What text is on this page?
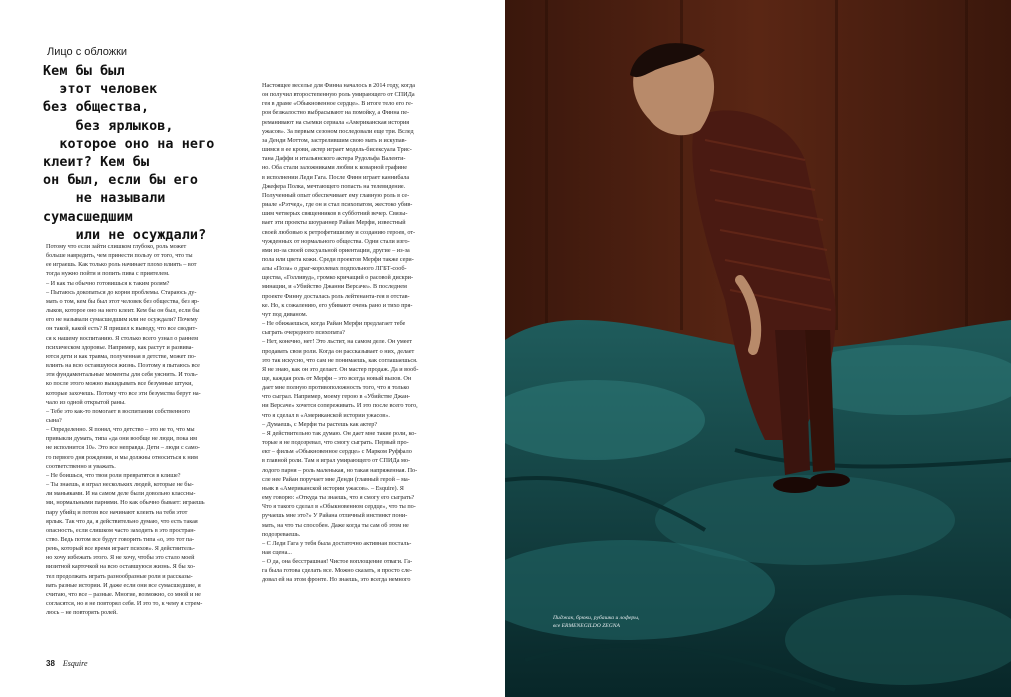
Лицо с обложки
Кем бы был
этот человек
без общества,
без ярлыков,
которое оно на него
клеит? Кем бы
он был, если бы его
не называли
сумасшедшим
или не осуждали?
Потому что если зайти слишком глубоко, роль может
больше навредить, чем принести пользу от того, что ты
ее играешь. Как только роль начинает плохо влиять – вот
тогда нужно пойти и попить пива с приятелем.
– И как ты обычно готовишься к таким ролям?
– Пытаюсь докопаться до корня проблемы. Стараюсь ду-
мать о том, кем бы был этот человек без общества, без яр-
лыков, которое оно на него клеит. Кем бы он был, если бы
его не называли сумасшедшим или не осуждали? Почему
он такой, какой есть? Я пришел к выводу, что все сводит-
ся к нашему воспитанию. Я столько всего узнал о раннем
психическом здоровье. Например, как растут и развива-
ются дети и как травма, полученная в детстве, может по-
влиять на всю оставшуюся жизнь. Поэтому я пытаюсь все
эти фундаментальные моменты для себя уяснить. И толь-
ко после этого можно выкидывать все безумные штуки,
которые захочешь. Потому что все эти безумства берут на-
чало из одной открытой раны.
– Тебе это как-то помогает в воспитании собственного
сына?
– Определенно. Я понял, что детство – это не то, что мы
привыкли думать, типа «да они вообще не люди, пока им
не исполнится 10». Это все неправда. Дети – люди с само-
го первого дня рождения, и мы должны относиться к ним
соответственно и уважать.
– Не боишься, что твои роли превратятся в клише?
– Ты знаешь, я играл нескольких людей, которые не бы-
ли маньяками. И на самом деле были довольно классны-
ми, нормальными парнями. Но как обычно бывает: играешь
пару убийц и потом все начинают клеить на тебя этот
ярлык. Так что да, я действительно думаю, что есть такая
опасность, если слишком часто заходить в это простран-
ство. Ведь потом все будут говорить типа «о, это тот па-
рень, который все время играет психов». Я действитель-
но хочу избежать этого. Я не хочу, чтобы это стало моей
визитной карточкой на всю оставшуюся жизнь. Я бы хо-
тел продолжать играть разнообразные роли и рассказы-
вать разные истории. И даже если они все сумасшедшие, я
считаю, что все – разные. Многие, возможно, со мной и не
согласятся, но я не повторял себя. И это то, к чему я стрем-
люсь – не повторять ролей.
Настоящее веселье для Финна началось в 2014 году, когда
он получил второстепенную роль умирающего от СПИДа
гея в драме «Обыкновенное сердце». В итоге тело его ге-
роя безжалостно выбрасывают на помойку, а Финна пе-
реманивают на съемки сериала «Американская история
ужасов». За первым сезоном последовали еще три. Вслед
за Денди Моттом, застрелившим свою мать и искупав-
шимся в ее крови, актер играет модель-бисексуала Трис-
тана Даффи и итальянского актера Рудольфа Валенти-
но. Оба стали заложниками любви к коварной графине
в исполнении Леди Гага. После Финн играет каннибала
Джефера Полка, мечтающего попасть на телевидение.
Полученный опыт обеспечивает ему главную роль в се-
риале «Рэтчед», где он и стал психопатом, жестоко убив-
шим четверых священников в субботний вечер. Связы-
вает эти проекты шоураннер Райан Мерфи, известный
своей любовью к ретрофетишизму и созданию героев, от-
чужденных от нормального общества. Одни стали изго-
ями из-за своей сексуальной ориентации, другие – из-за
пола или цвета кожи. Среди проектов Мерфи также сери-
алы «Поза» о драг-королевах подпольного ЛГБТ-сооб-
щества, «Голливуд», громко кричащий о расовой дискри-
минации, и «Убийство Джанни Версаче». В последнем
проекте Финну досталась роль лейтенанта-гея в отстав-
ке. Но, к сожалению, его убивают очень рано и тихо пря-
чут под диваном.
– Не обижаешься, когда Райан Мерфи предлагает тебе
сыграть очередного психопата?
– Нет, конечно, нет! Это льстит, на самом деле. Он умеет
продавать свои роли. Когда он рассказывает о них, делает
это так искусно, что сам не понимаешь, как соглашаешься.
Я не знаю, как он это делает. Он мастер продаж. Да и вооб-
ще, каждая роль от Мерфи – это всегда новый вызов. Он
дает мне полную противоположность того, что я только
что сыграл. Например, моему герою в «Убийстве Джан-
ни Версаче» хочется сопереживать. И это после всего того,
что я сделал в «Американской истории ужасов».
– Думаешь, с Мерфи ты растешь как актер?
– Я действительно так думаю. Он дает мне такие роли, ко-
торые я не подозревал, что смогу сыграть. Первый про-
ект – фильм «Обыкновенное сердце» с Марком Руффало
в главной роли. Там я играл умирающего от СПИДа мо-
лодого парня – роль маленькая, но такая напряженная. По-
сле нее Райан поручает мне Денди (главный герой – ма-
ньяк в «Американской истории ужасов». – Esquire). Я
ему говорю: «Откуда ты знаешь, что я смогу его сыграть?
Что я такого сделал в «Обыкновенном сердце», что ты по-
ручаешь мне это?» У Райана отличный инстинкт пони-
мать, на что ты способен. Даже когда ты сам об этом не
подозреваешь.
– С Леди Гага у тебя была достаточно активная посталь-
ная сцена...
– О да, она бесстрашная! Чистое воплощение отваги. Га-
га была готова сделать все. Можно сказать, я просто сле-
довал ей на этом фронте. Но знаешь, это всегда немного
38 Esquire
Пиджак, брюки, рубашка и лоферы,
все ERMENEGILDO ZEGNA
